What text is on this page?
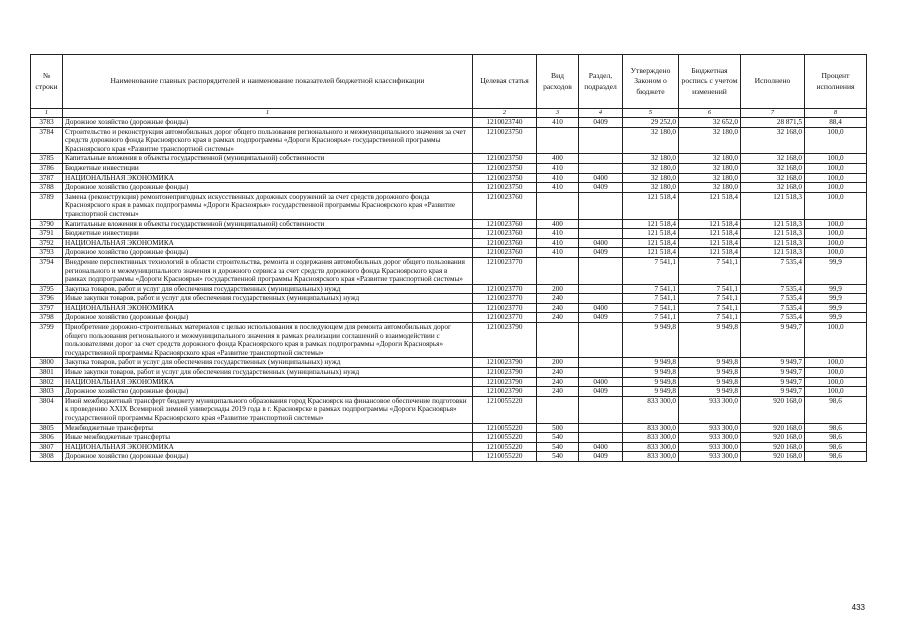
№ строки	Наименование главных распорядителей и наименование показателей бюджетной классификации	Целевая статья	Вид расходов	Раздел, подраздел	Утверждено Законом о бюджете	Бюджетная роспись с учетом изменений	Исполнено	Процент исполнения
1	1	2	3	4	5	6	7	8
3783	Дорожное хозяйство (дорожные фонды)	1210023740	410	0409	29 252,0	32 652,0	28 871,5	88,4
3784	Строительство и реконструкция автомобильных дорог общего пользования регионального и межмуниципального значения за счет средств дорожного фонда Красноярского края в рамках подпрограммы «Дороги Красноярья» государственной программы Красноярского края «Развитие транспортной системы»	1210023750			32 180,0	32 180,0	32 168,0	100,0
3785	Капитальные вложения в объекты государственной (муниципальной) собственности	1210023750	400		32 180,0	32 180,0	32 168,0	100,0
3786	Бюджетные инвестиции	1210023750	410		32 180,0	32 180,0	32 168,0	100,0
3787	НАЦИОНАЛЬНАЯ ЭКОНОМИКА	1210023750	410	0400	32 180,0	32 180,0	32 168,0	100,0
3788	Дорожное хозяйство (дорожные фонды)	1210023750	410	0409	32 180,0	32 180,0	32 168,0	100,0
3789	Замена (реконструкция) ремонтонепригодных искусственных дорожных сооружений за счет средств дорожного фонда Красноярского края в рамках подпрограммы «Дороги Красноярья» государственной программы Красноярского края «Развитие транспортной системы»	1210023760			121 518,4	121 518,4	121 518,3	100,0
3790	Капитальные вложения в объекты государственной (муниципальной) собственности	1210023760	400		121 518,4	121 518,4	121 518,3	100,0
3791	Бюджетные инвестиции	1210023760	410		121 518,4	121 518,4	121 518,3	100,0
3792	НАЦИОНАЛЬНАЯ ЭКОНОМИКА	1210023760	410	0400	121 518,4	121 518,4	121 518,3	100,0
3793	Дорожное хозяйство (дорожные фонды)	1210023760	410	0409	121 518,4	121 518,4	121 518,3	100,0
3794	Внедрение перспективных технологий в области строительства, ремонта и содержания автомобильных дорог общего пользования регионального и межмуниципального значения и дорожного сервиса за счет средств дорожного фонда Красноярского края в рамках подпрограммы «Дороги Красноярья» государственной программы Красноярского края «Развитие транспортной системы»	1210023770			7 541,1	7 541,1	7 535,4	99,9
3795	Закупка товаров, работ и услуг для обеспечения государственных (муниципальных) нужд	1210023770	200		7 541,1	7 541,1	7 535,4	99,9
3796	Иные закупки товаров, работ и услуг для обеспечения государственных (муниципальных) нужд	1210023770	240		7 541,1	7 541,1	7 535,4	99,9
3797	НАЦИОНАЛЬНАЯ ЭКОНОМИКА	1210023770	240	0400	7 541,1	7 541,1	7 535,4	99,9
3798	Дорожное хозяйство (дорожные фонды)	1210023770	240	0409	7 541,1	7 541,1	7 535,4	99,9
3799	Приобретение дорожно-строительных материалов с целью использования в последующем для ремонта автомобильных дорог общего пользования регионального и межмуниципального значения в рамках реализации соглашений о взаимодействии с пользователями дорог за счет средств дорожного фонда Красноярского края в рамках подпрограммы «Дороги Красноярья» государственной программы Красноярского края «Развитие транспортной системы»	1210023790			9 949,8	9 949,8	9 949,7	100,0
3800	Закупка товаров, работ и услуг для обеспечения государственных (муниципальных) нужд	1210023790	200		9 949,8	9 949,8	9 949,7	100,0
3801	Иные закупки товаров, работ и услуг для обеспечения государственных (муниципальных) нужд	1210023790	240		9 949,8	9 949,8	9 949,7	100,0
3802	НАЦИОНАЛЬНАЯ ЭКОНОМИКА	1210023790	240	0400	9 949,8	9 949,8	9 949,7	100,0
3803	Дорожное хозяйство (дорожные фонды)	1210023790	240	0409	9 949,8	9 949,8	9 949,7	100,0
3804	Иной межбюджетный трансферт бюджету муниципального образования город Красноярск на финансовое обеспечение подготовки к проведению XXIX Всемирной зимней универсиады 2019 года в г. Красноярске в рамках подпрограммы «Дороги Красноярья» государственной программы Красноярского края «Развитие транспортной системы»	1210055220			833 300,0	933 300,0	920 168,0	98,6
3805	Межбюджетные трансферты	1210055220	500		833 300,0	933 300,0	920 168,0	98,6
3806	Иные межбюджетные трансферты	1210055220	540		833 300,0	933 300,0	920 168,0	98,6
3807	НАЦИОНАЛЬНАЯ ЭКОНОМИКА	1210055220	540	0400	833 300,0	933 300,0	920 168,0	98,6
3808	Дорожное хозяйство (дорожные фонды)	1210055220	540	0409	833 300,0	933 300,0	920 168,0	98,6
433
